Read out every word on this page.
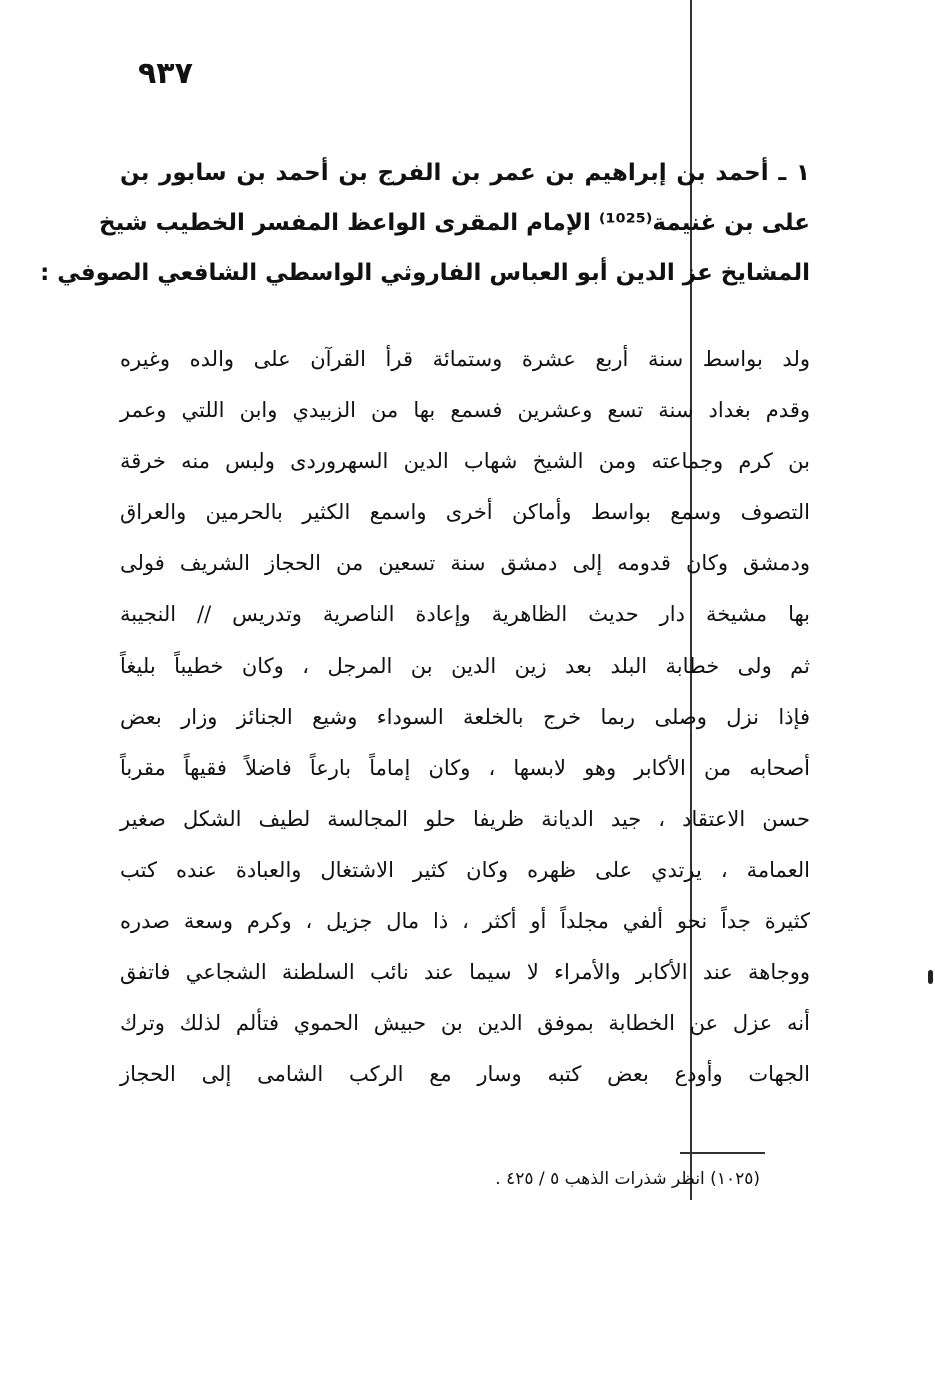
٩٣٧
١ ـ أحمد بن إبراهيم بن عمر بن الفرج بن أحمد بن سابور بن
على بن غنيمة⁽¹⁰²⁵⁾ الإمام المقرى الواعظ المفسر الخطيب شيخ
المشايخ عز الدين أبو العباس الفاروثي الواسطي الشافعي الصوفي :
ولد بواسط سنة أربع عشرة وستمائة قرأ القرآن على والده وغيره
وقدم بغداد سنة تسع وعشرين فسمع بها من الزبيدي وابن اللتي وعمر
بن كرم وجماعته ومن الشيخ شهاب الدين السهروردى ولبس منه خرقة
التصوف وسمع بواسط وأماكن أخرى واسمع الكثير بالحرمين والعراق
ودمشق وكان قدومه إلى دمشق سنة تسعين من الحجاز الشريف فولى
بها مشيخة دار حديث الظاهرية وإعادة الناصرية وتدريس // النجيبة
ثم ولى خطابة البلد بعد زين الدين بن المرجل ، وكان خطيباً بليغاً
فإذا نزل وصلى ربما خرج بالخلعة السوداء وشيع الجنائز وزار بعض
أصحابه من الأكابر وهو لابسها ، وكان إماماً بارعاً فاضلاً فقيهاً مقرباً
حسن الاعتقاد ، جيد الديانة ظريفا حلو المجالسة لطيف الشكل صغير
العمامة ، يرتدي على ظهره وكان كثير الاشتغال والعبادة عنده كتب
كثيرة جداً نحو ألفي مجلداً أو أكثر ، ذا مال جزيل ، وكرم وسعة صدره
ووجاهة عند الأكابر والأمراء لا سيما عند نائب السلطنة الشجاعي فاتفق
أنه عزل عن الخطابة بموفق الدين بن حبيش الحموي فتألم لذلك وترك
الجهات وأودع بعض كتبه وسار مع الركب الشامى إلى الحجاز
(١٠٢٥) انظر شذرات الذهب ٥ / ٤٢٥ .
